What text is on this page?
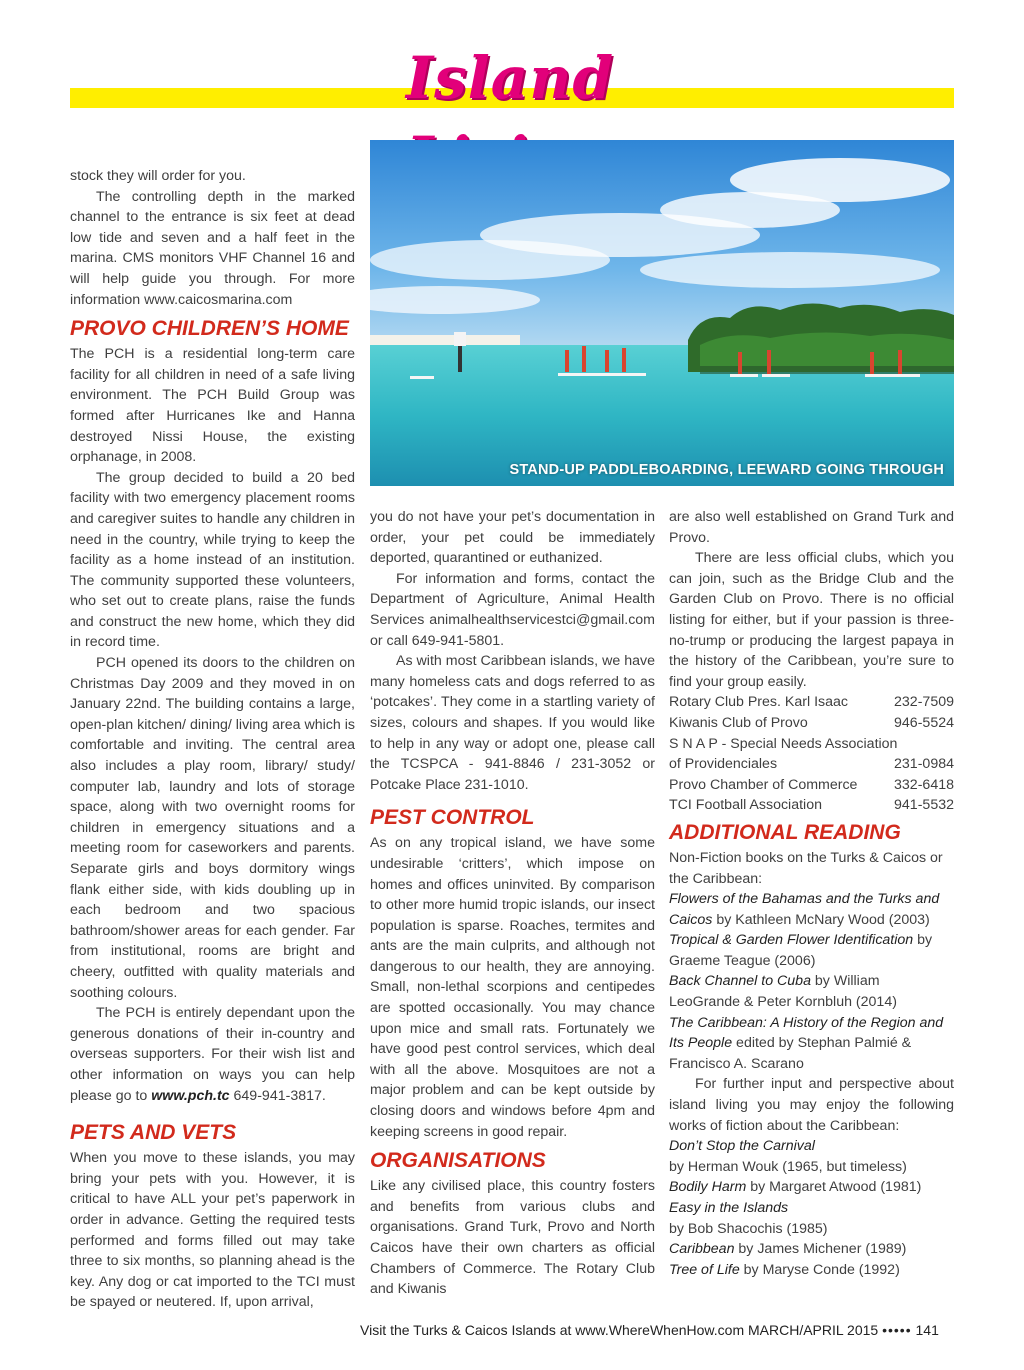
Island
STAND-UP PADDLEBOARDING, LEEWARD GOING THROUGH

stock they will order for you.

The controlling depth in the marked channel to the entrance is six feet at dead low tide and seven and a half feet in the marina. CMS monitors VHF Channel 16 and will help guide you through. For more information www.caicosmarina.com

PROVO CHILDREN’S HOME

The PCH is a residential long-term care facility for all children in need of a safe living environment. The PCH Build Group was formed after Hurricanes Ike and Hanna destroyed Nissi House, the existing orphanage, in 2008.

The group decided to build a 20 bed facility with two emergency placement rooms and caregiver suites to handle any children in need in the country, while trying to keep the facility as a home instead of an institution. The community supported these volunteers, who set out to create plans, raise the funds and construct the new home, which they did in record time.

PCH opened its doors to the children on Christmas Day 2009 and they moved in on January 22nd. The building contains a large, open-plan kitchen/ dining/ living area which is comfortable and inviting. The central area also includes a play room, library/ study/ computer lab, laundry and lots of storage space, along with two overnight rooms for children in emergency situations and a meeting room for caseworkers and parents. Separate girls and boys dormitory wings flank either side, with kids doubling up in each bedroom and two spacious bathroom/shower areas for each gender. Far from institutional, rooms are bright and cheery, outfitted with quality materials and soothing colours.

The PCH is entirely dependant upon the generous donations of their in-country and overseas supporters. For their wish list and other information on ways you can help please go to www.pch.tc 649-941-3817.

PETS AND VETS

When you move to these islands, you may bring your pets with you. However, it is critical to have ALL your pet’s paperwork in order in advance. Getting the required tests performed and forms filled out may take three to six months, so planning ahead is the key. Any dog or cat imported to the TCI must be spayed or neutered. If, upon arrival,

you do not have your pet’s documentation in order, your pet could be immediately deported, quarantined or euthanized.

For information and forms, contact the Department of Agriculture, Animal Health Services animalhealthservicestci@gmail.com or call 649-941-5801.

As with most Caribbean islands, we have many homeless cats and dogs referred to as ‘potcakes’. They come in a startling variety of sizes, colours and shapes. If you would like to help in any way or adopt one, please call the TCSPCA - 941-8846 / 231-3052 or Potcake Place 231-1010.

PEST CONTROL

As on any tropical island, we have some undesirable ‘critters’, which impose on homes and offices uninvited. By comparison to other more humid tropic islands, our insect population is sparse. Roaches, termites and ants are the main culprits, and although not dangerous to our health, they are annoying. Small, non-lethal scorpions and centipedes are spotted occasionally. You may chance upon mice and small rats. Fortunately we have good pest control services, which deal with all the above. Mosquitoes are not a major problem and can be kept outside by closing doors and windows before 4pm and keeping screens in good repair.

ORGANISATIONS

Like any civilised place, this country fosters and benefits from various clubs and organisations. Grand Turk, Provo and North Caicos have their own charters as official Chambers of Commerce. The Rotary Club and Kiwanis

are also well established on Grand Turk and Provo.

There are less official clubs, which you can join, such as the Bridge Club and the Garden Club on Provo. There is no official listing for either, but if your passion is three-no-trump or producing the largest papaya in the history of the Caribbean, you’re sure to find your group easily.

Rotary Club Pres. Karl Isaac	232-7509
Kiwanis Club of Provo	946-5524
S N A P - Special Needs Association
of Providenciales	231-0984
Provo Chamber of Commerce	332-6418
TCI Football Association	941-5532
ADDITIONAL READING

Non-Fiction books on the Turks & Caicos or the Caribbean:

Flowers of the Bahamas and the Turks and Caicos by Kathleen McNary Wood (2003)
Tropical & Garden Flower Identification by Graeme Teague (2006)
Back Channel to Cuba by William LeoGrande & Peter Kornbluh (2014)
The Caribbean: A History of the Region and Its People edited by Stephan Palmié & Francisco A. Scarano

For further input and perspective about island living you may enjoy the following works of fiction about the Caribbean:

Don’t Stop the Carnival
by Herman Wouk (1965, but timeless)
Bodily Harm by Margaret Atwood (1981)
Easy in the Islands
by Bob Shacochis (1985)
Caribbean by James Michener (1989)
Tree of Life by Maryse Conde (1992)
Visit the Turks & Caicos Islands at www.WhereWhenHow.com MARCH/APRIL 2015 ••••• 141
